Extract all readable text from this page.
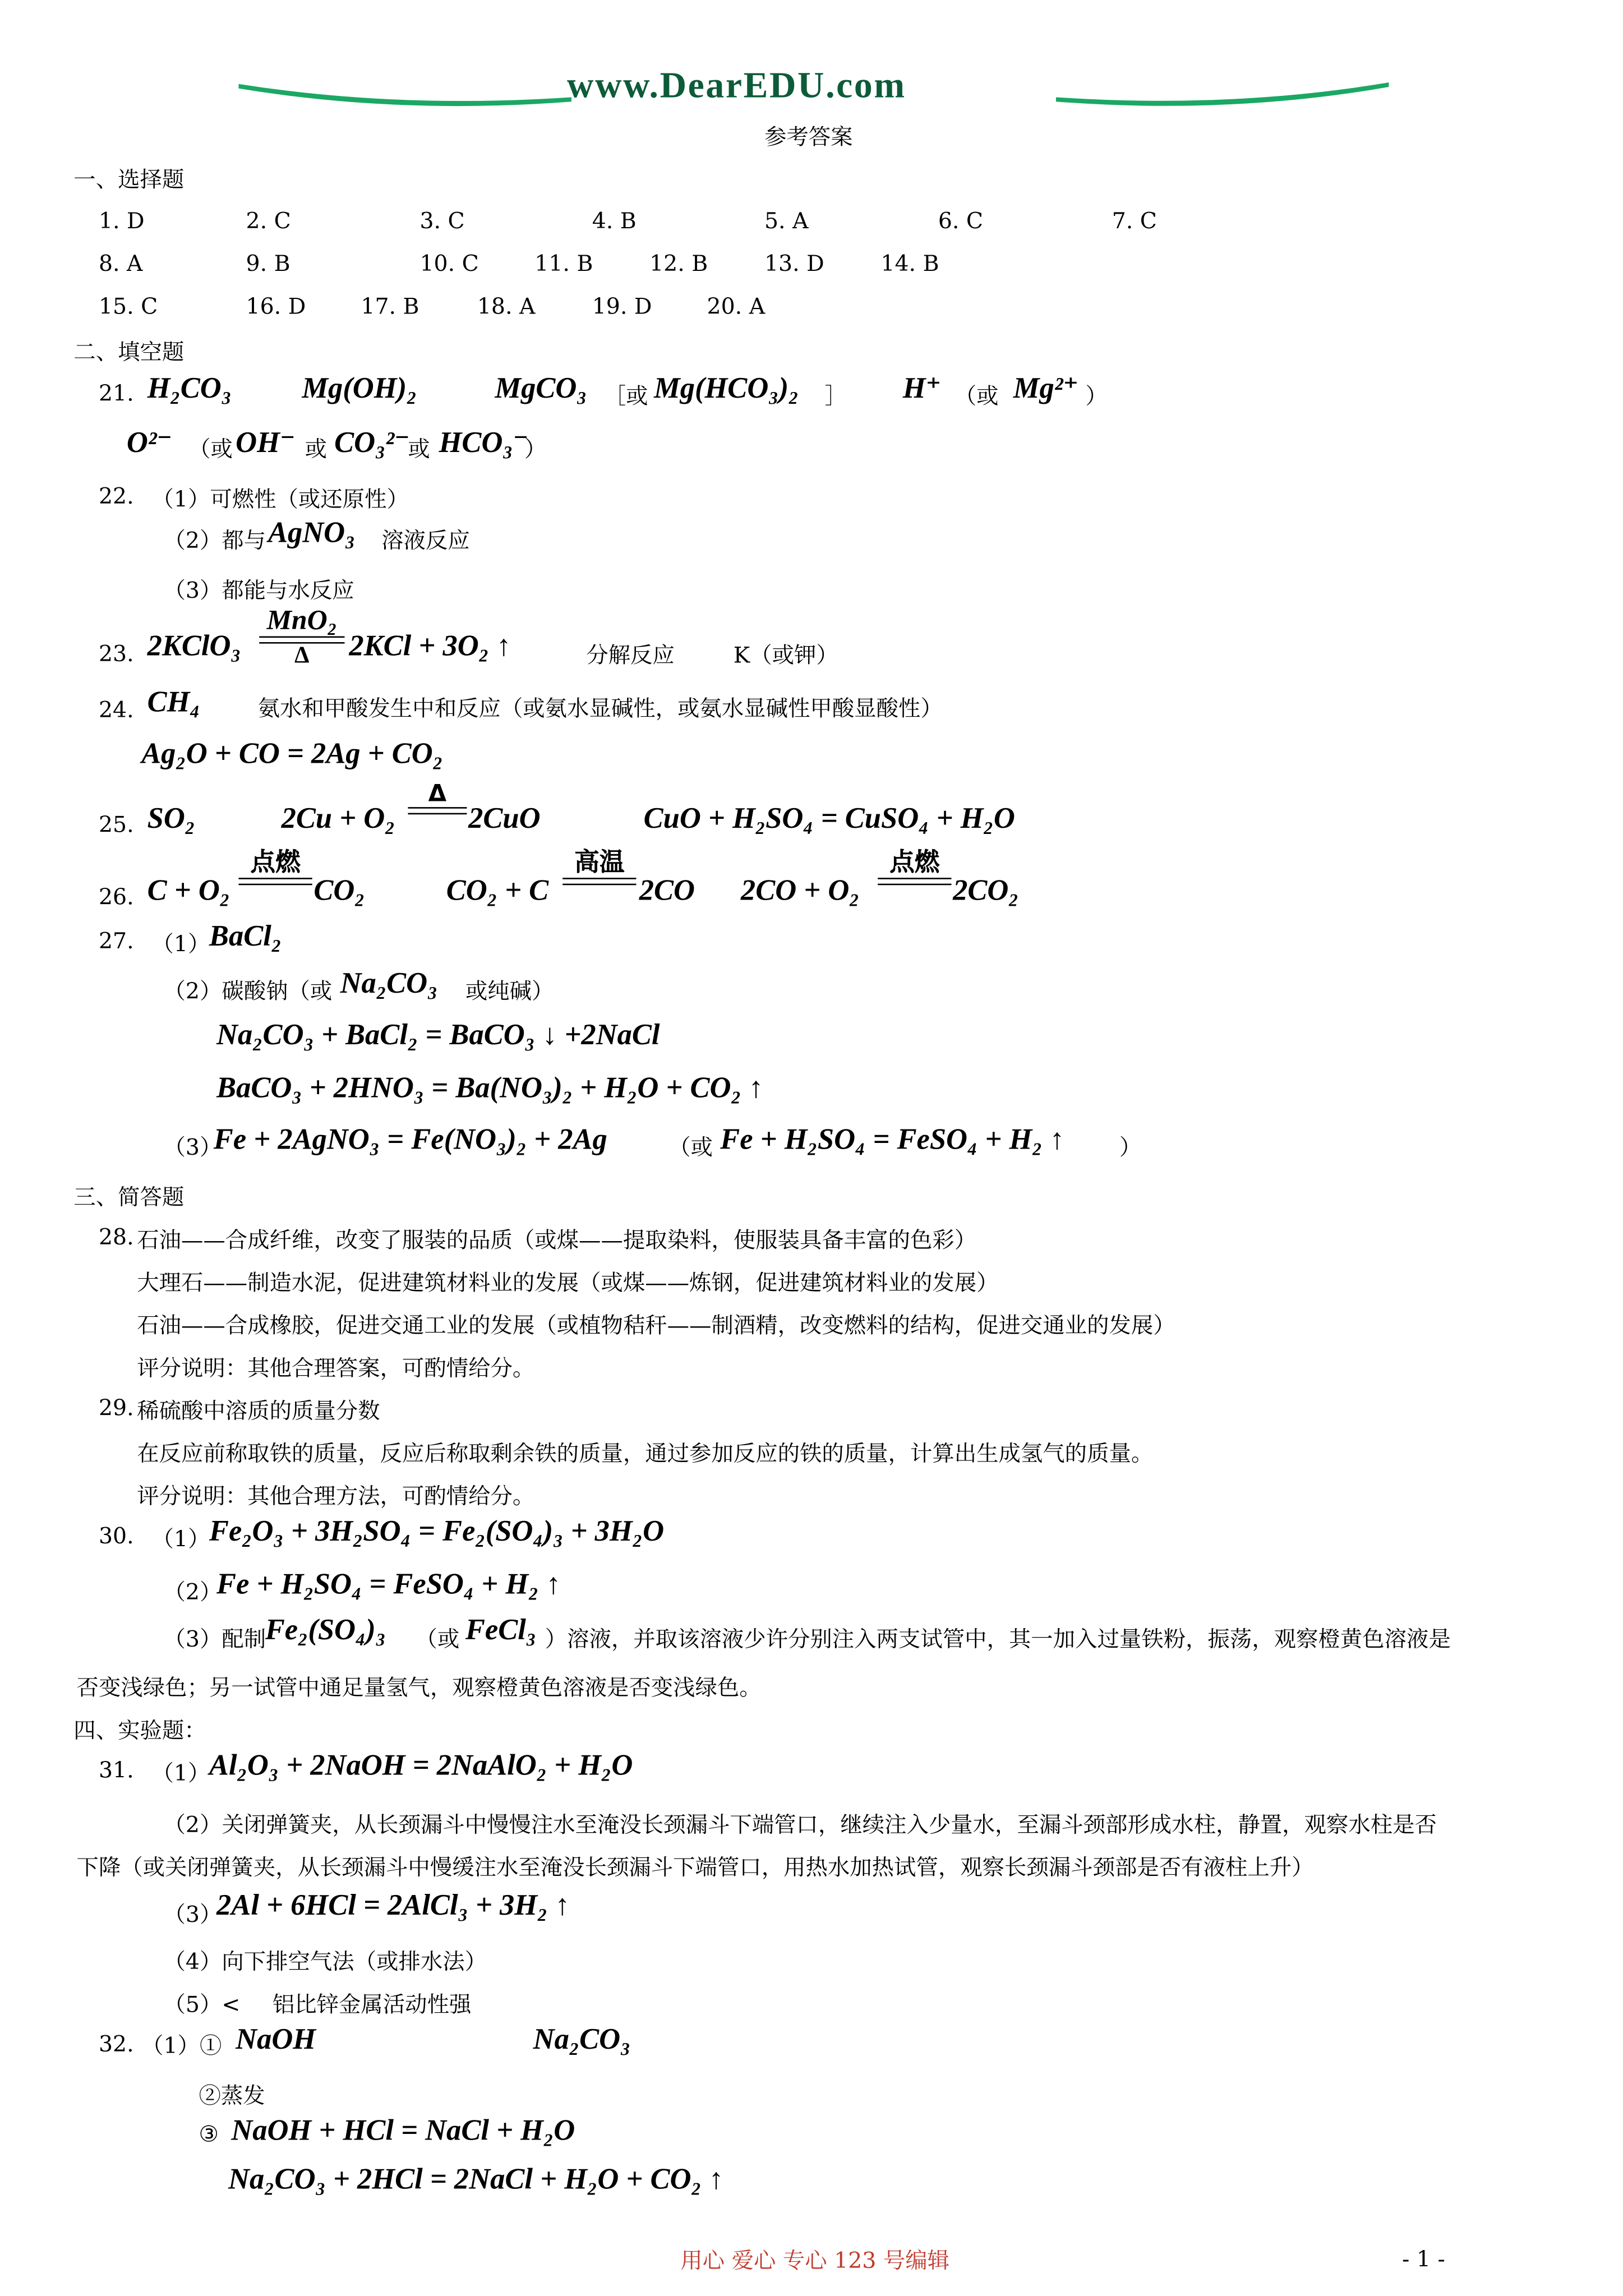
www.DearEDU.com
参考答案
一、选择题
1. D	2. C	3. C	4. B	5. A	6. C	7. C
8. A	9. B	10. C	11. B	12. B	13. D	14. B
15. C	16. D	17. B	18. A	19. D	20. A
二、填空题
21. H₂CO₃	Mg(OH)₂	MgCO₃ ［或 Mg(HCO₃)₂	］	H⁺ （或 Mg²⁺ ）
O²⁻ （或 OH⁻ 或 CO₃²⁻
或 HCO₃⁻
）
22. （1）可燃性（或还原性）
（2）都与 AgNO₃	溶液反应
（3）都能与水反应
23. 2KClO₃
MnO₂
Δ	2KCl + 3O₂ ↑	分解反应	K（或钾）
24. CH₄	氨水和甲酸发生中和反应（或氨水显碱性，或氨水显碱性甲酸显酸性）
Ag₂O + CO = 2Ag + CO₂
25. SO₂	2Cu + O₂
Δ
2CuO	CuO + H₂SO₄ = CuSO₄ + H₂O
26. C + O₂
点燃
CO₂	CO₂ + C
高温
2CO	2CO + O₂
点燃
2CO₂
27. （1）
BaCl₂
（2）碳酸钠（或 Na₂CO₃	或纯碱）
Na₂CO₃ + BaCl₂ = BaCO₃ ↓ +2NaCl
BaCO₃ + 2HNO₃ = Ba(NO₃)₂ + H₂O + CO₂ ↑
（3）
Fe + 2AgNO₃ = Fe(NO₃)₂ + 2Ag	（或 Fe + H₂SO₄ = FeSO₄ + H₂ ↑	）
三、简答题
28. 石油——合成纤维，改变了服装的品质（或煤——提取染料，使服装具备丰富的色彩）
大理石——制造水泥，促进建筑材料业的发展（或煤——炼钢，促进建筑材料业的发展）
石油——合成橡胶，促进交通工业的发展（或植物秸秆——制酒精，改变燃料的结构，促进交通业的发展）
评分说明：其他合理答案，可酌情给分。
29. 稀硫酸中溶质的质量分数
在反应前称取铁的质量，反应后称取剩余铁的质量，通过参加反应的铁的质量，计算出生成氢气的质量。
评分说明：其他合理方法，可酌情给分。
30. （1）
Fe₂O₃ + 3H₂SO₄ = Fe₂(SO₄)₃ + 3H₂O
（2）
Fe + H₂SO₄ = FeSO₄ + H₂ ↑
（3）配制
Fe₂(SO₄)₃	（或 FeCl₃ ）溶液，并取该溶液少许分别注入两支试管中，其一加入过量铁粉，振荡，观察橙黄色溶液是
否变浅绿色；另一试管中通足量氢气，观察橙黄色溶液是否变浅绿色。
四、实验题：
31. （1）
Al₂O₃ + 2NaOH = 2NaAlO₂ + H₂O
（2）关闭弹簧夹，从长颈漏斗中慢慢注水至淹没长颈漏斗下端管口，继续注入少量水，至漏斗颈部形成水柱，静置，观察水柱是否
下降（或关闭弹簧夹，从长颈漏斗中慢缓注水至淹没长颈漏斗下端管口，用热水加热试管，观察长颈漏斗颈部是否有液柱上升）
（3）
2Al + 6HCl = 2AlCl₃ + 3H₂ ↑
（4）向下排空气法（或排水法）
（5）<	铝比锌金属活动性强
32. （1）① NaOH	Na₂CO₃
②蒸发
③ NaOH + HCl = NaCl + H₂O
Na₂CO₃ + 2HCl = 2NaCl + H₂O + CO₂ ↑
用心 爱心 专心 123 号编辑	- 1 -
